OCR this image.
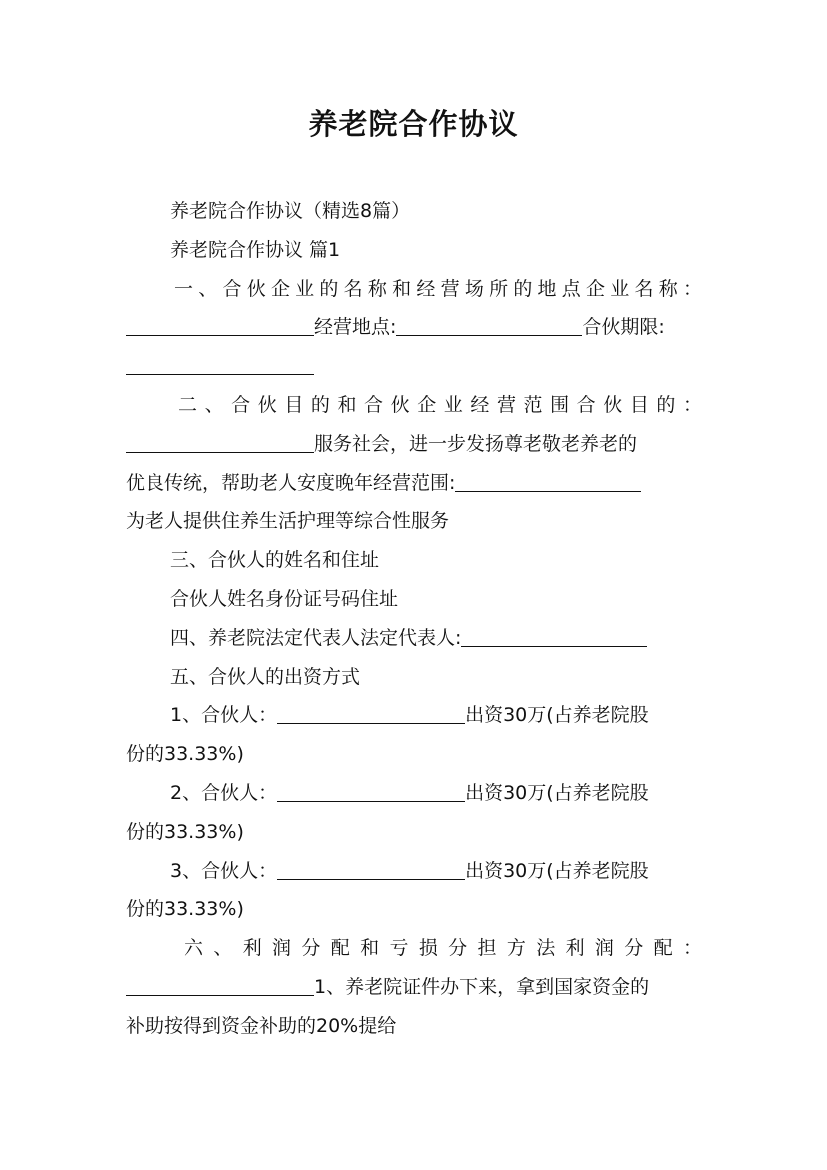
养老院合作协议

养老院合作协议（精选8篇）

养老院合作协议 篇1

一、合伙企业的名称和经营场所的地点企业名称：

经营地点:	合伙期限:

二、合伙目的和合伙企业经营范围合伙目的：

服务社会，进一步发扬尊老敬老养老的

优良传统，帮助老人安度晚年经营范围:

为老人提供住养生活护理等综合性服务

三、合伙人的姓名和住址

合伙人姓名身份证号码住址

四、养老院法定代表人法定代表人:

五、合伙人的出资方式

1、合伙人：	出资30万(占养老院股

份的33.33%)

2、合伙人：	出资30万(占养老院股

份的33.33%)

3、合伙人：	出资30万(占养老院股

份的33.33%)

六、利润分配和亏损分担方法利润分配：

1、养老院证件办下来，拿到国家资金的

补助按得到资金补助的20%提给
